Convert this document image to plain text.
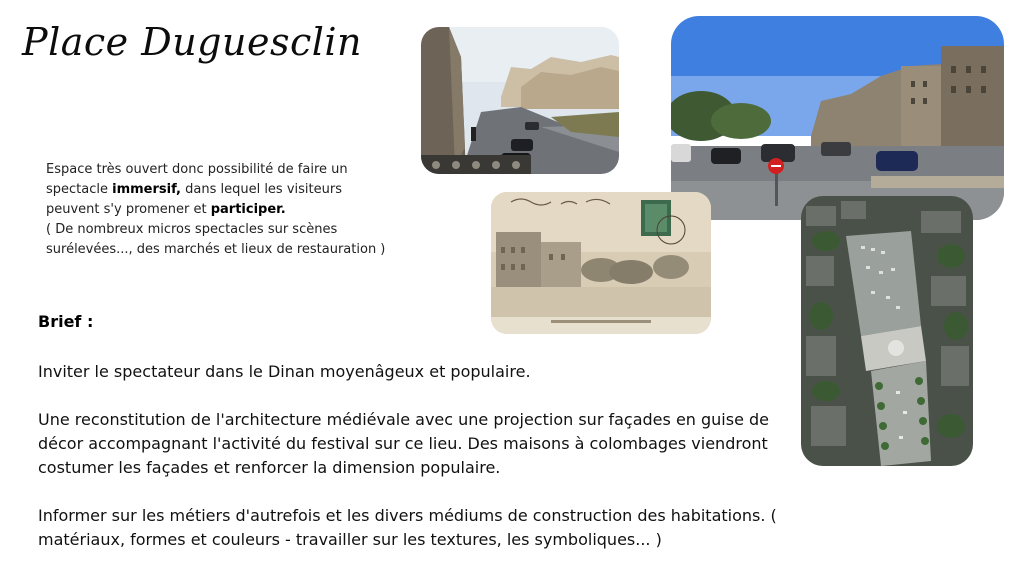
Place Duguesclin
Espace très ouvert donc possibilité de faire un spectacle immersif, dans lequel les visiteurs peuvent s'y promener et participer.
( De nombreux micros spectacles sur scènes surélevées..., des marchés et lieux de restauration )
Brief :

Inviter le spectateur dans le Dinan moyenâgeux et populaire.

Une reconstitution de l'architecture médiévale avec une projection sur façades en guise de décor accompagnant l'activité du festival sur ce lieu. Des maisons à colombages viendront costumer les façades et renforcer la dimension populaire.

Informer sur les métiers d'autrefois et les divers médiums de construction des habitations. ( matériaux, formes et couleurs - travailler sur les textures, les symboliques... )
